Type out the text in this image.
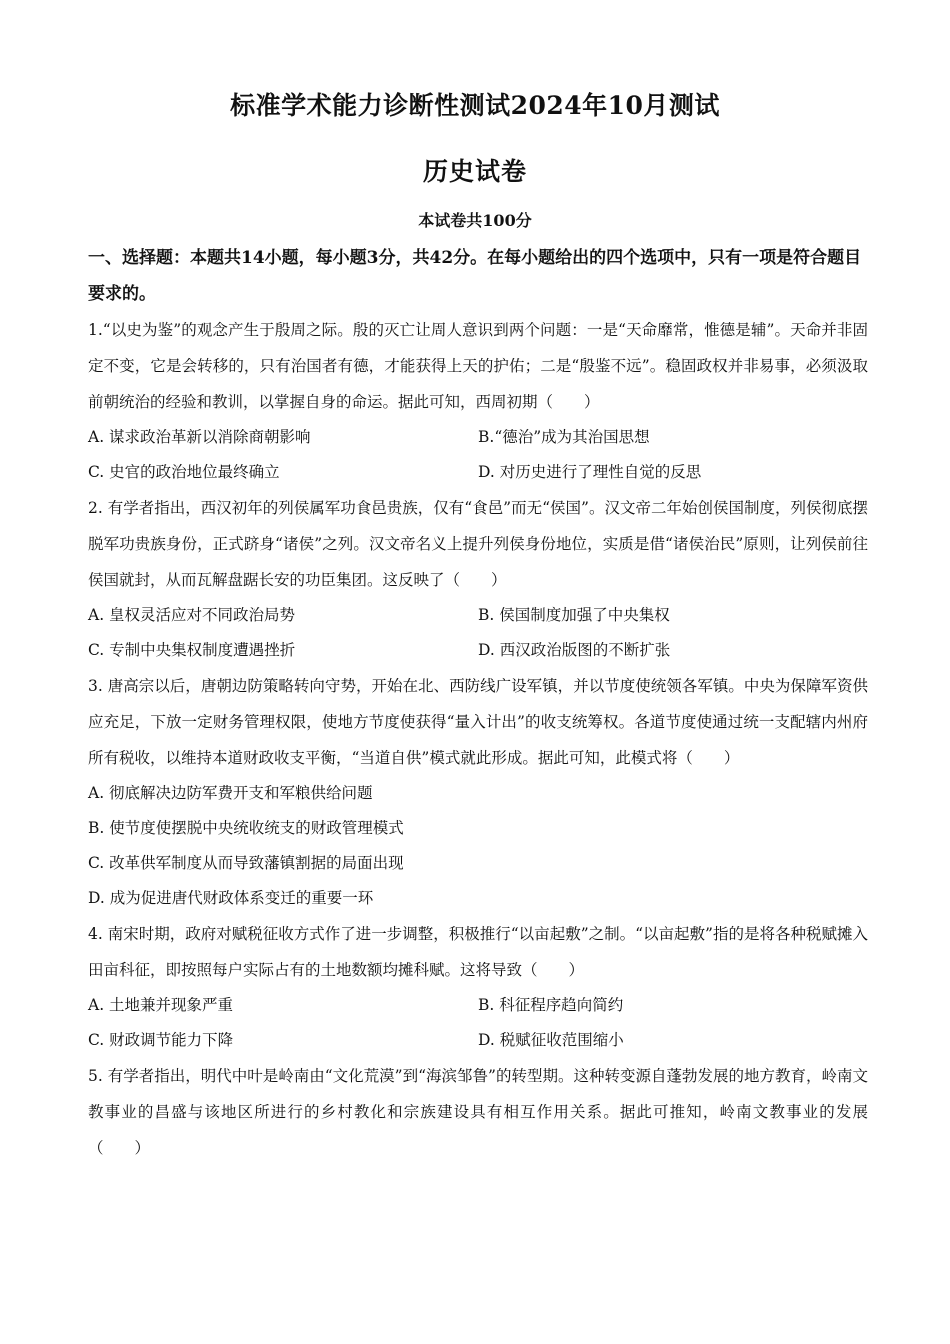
标准学术能力诊断性测试2024年10月测试
历史试卷
本试卷共100分

一、选择题：本题共14小题，每小题3分，共42分。在每小题给出的四个选项中，只有一项是符合题目要求的。

1.“以史为鉴”的观念产生于殷周之际。殷的灭亡让周人意识到两个问题：一是“天命靡常，惟德是辅”。天命并非固定不变，它是会转移的，只有治国者有德，才能获得上天的护佑；二是“殷鉴不远”。稳固政权并非易事，必须汲取前朝统治的经验和教训，以掌握自身的命运。据此可知，西周初期（　　）

A. 谋求政治革新以消除商朝影响	B.“德治”成为其治国思想
C. 史官的政治地位最终确立	D. 对历史进行了理性自觉的反思

2. 有学者指出，西汉初年的列侯属军功食邑贵族，仅有“食邑”而无“侯国”。汉文帝二年始创侯国制度，列侯彻底摆脱军功贵族身份，正式跻身“诸侯”之列。汉文帝名义上提升列侯身份地位，实质是借“诸侯治民”原则，让列侯前往侯国就封，从而瓦解盘踞长安的功臣集团。这反映了（　　）

A. 皇权灵活应对不同政治局势	B. 侯国制度加强了中央集权
C. 专制中央集权制度遭遇挫折	D. 西汉政治版图的不断扩张

3. 唐高宗以后，唐朝边防策略转向守势，开始在北、西防线广设军镇，并以节度使统领各军镇。中央为保障军资供应充足，下放一定财务管理权限，使地方节度使获得“量入计出”的收支统筹权。各道节度使通过统一支配辖内州府所有税收，以维持本道财政收支平衡，“当道自供”模式就此形成。据此可知，此模式将（　　）

A. 彻底解决边防军费开支和军粮供给问题
B. 使节度使摆脱中央统收统支的财政管理模式
C. 改革供军制度从而导致藩镇割据的局面出现
D. 成为促进唐代财政体系变迁的重要一环

4. 南宋时期，政府对赋税征收方式作了进一步调整，积极推行“以亩起敷”之制。“以亩起敷”指的是将各种税赋摊入田亩科征，即按照每户实际占有的土地数额均摊科赋。这将导致（　　）

A. 土地兼并现象严重	B. 科征程序趋向简约
C. 财政调节能力下降	D. 税赋征收范围缩小

5. 有学者指出，明代中叶是岭南由“文化荒漠”到“海滨邹鲁”的转型期。这种转变源自蓬勃发展的地方教育，岭南文教事业的昌盛与该地区所进行的乡村教化和宗族建设具有相互作用关系。据此可推知，岭南文教事业的发展（　　）
